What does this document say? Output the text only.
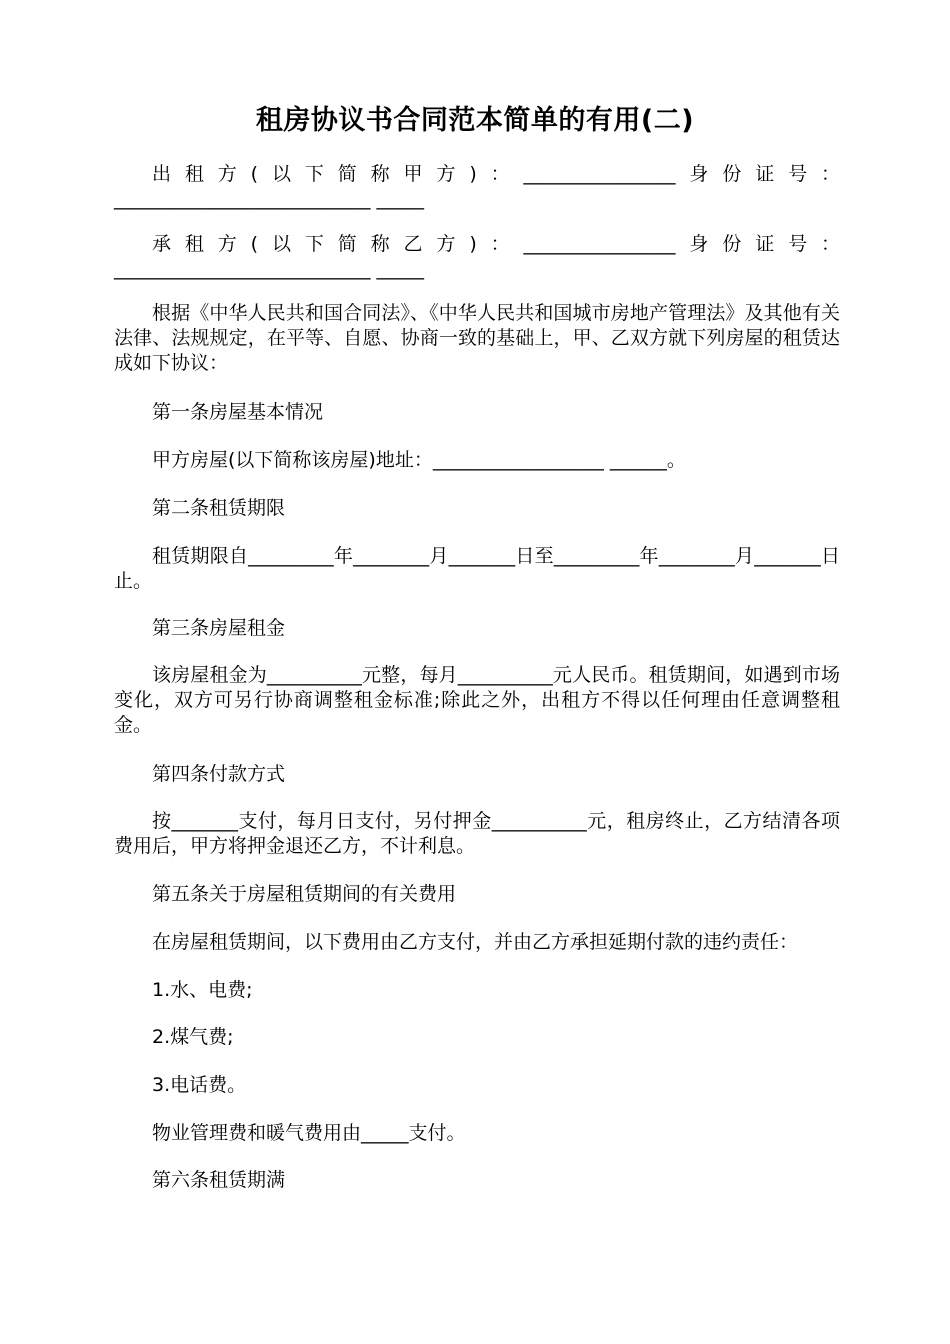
租房协议书合同范本简单的有用(二)

出租方(以下简称甲方)：________________身份证号：___________________________ _____

承租方(以下简称乙方)：________________身份证号：___________________________ _____

根据《中华人民共和国合同法》、《中华人民共和国城市房地产管理法》及其他有关法律、法规规定，在平等、自愿、协商一致的基础上，甲、乙双方就下列房屋的租赁达成如下协议：

第一条房屋基本情况

甲方房屋(以下简称该房屋)地址：__________________ ______。

第二条租赁期限

租赁期限自_________年________月_______日至_________年________月_______日止。

第三条房屋租金

该房屋租金为__________元整，每月__________元人民币。租赁期间，如遇到市场变化，双方可另行协商调整租金标准;除此之外，出租方不得以任何理由任意调整租金。

第四条付款方式

按_______支付，每月日支付，另付押金__________元，租房终止，乙方结清各项费用后，甲方将押金退还乙方，不计利息。

第五条关于房屋租赁期间的有关费用

在房屋租赁期间，以下费用由乙方支付，并由乙方承担延期付款的违约责任：

1.水、电费;

2.煤气费;

3.电话费。

物业管理费和暖气费用由_____支付。

第六条租赁期满
